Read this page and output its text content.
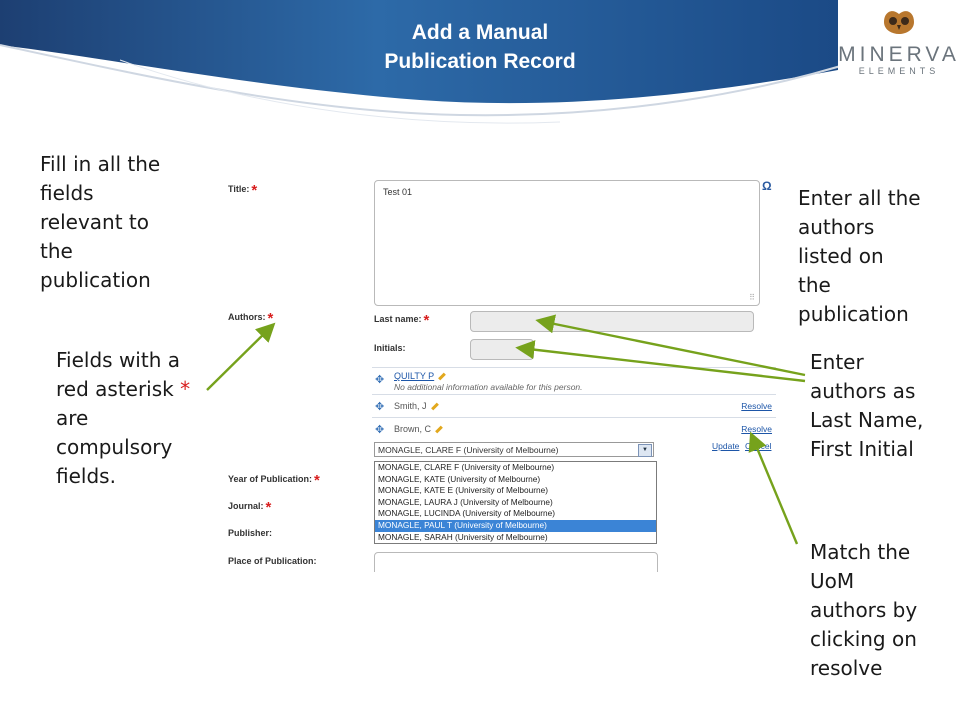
Add a Manual
Publication Record	MINERVA
ELEMENTS
Fill in all the
fields
relevant to
the
publication
Fields with a
red asterisk *
are
compulsory
fields.
Enter all the
authors
listed on
the
publication
Enter
authors as
Last Name,
First Initial
Match the
UoM
authors by
clicking on
resolve
Title: *	Test 01
⠿
Ω
Authors: *	Last name: *
Initials:
✥ QUILTY P
No additional information available for this person.
✥ Smith, J	Resolve
✥ Brown, C	Resolve
MONAGLE, CLARE F (University of Melbourne)	▼	Update Cancel
Year of Publication: *
Journal: *
Publisher:
Place of Publication:
MONAGLE, CLARE F (University of Melbourne)
MONAGLE, KATE (University of Melbourne)
MONAGLE, KATE E (University of Melbourne)
MONAGLE, LAURA J (University of Melbourne)
MONAGLE, LUCINDA (University of Melbourne)
MONAGLE, PAUL T (University of Melbourne)
MONAGLE, SARAH (University of Melbourne)
